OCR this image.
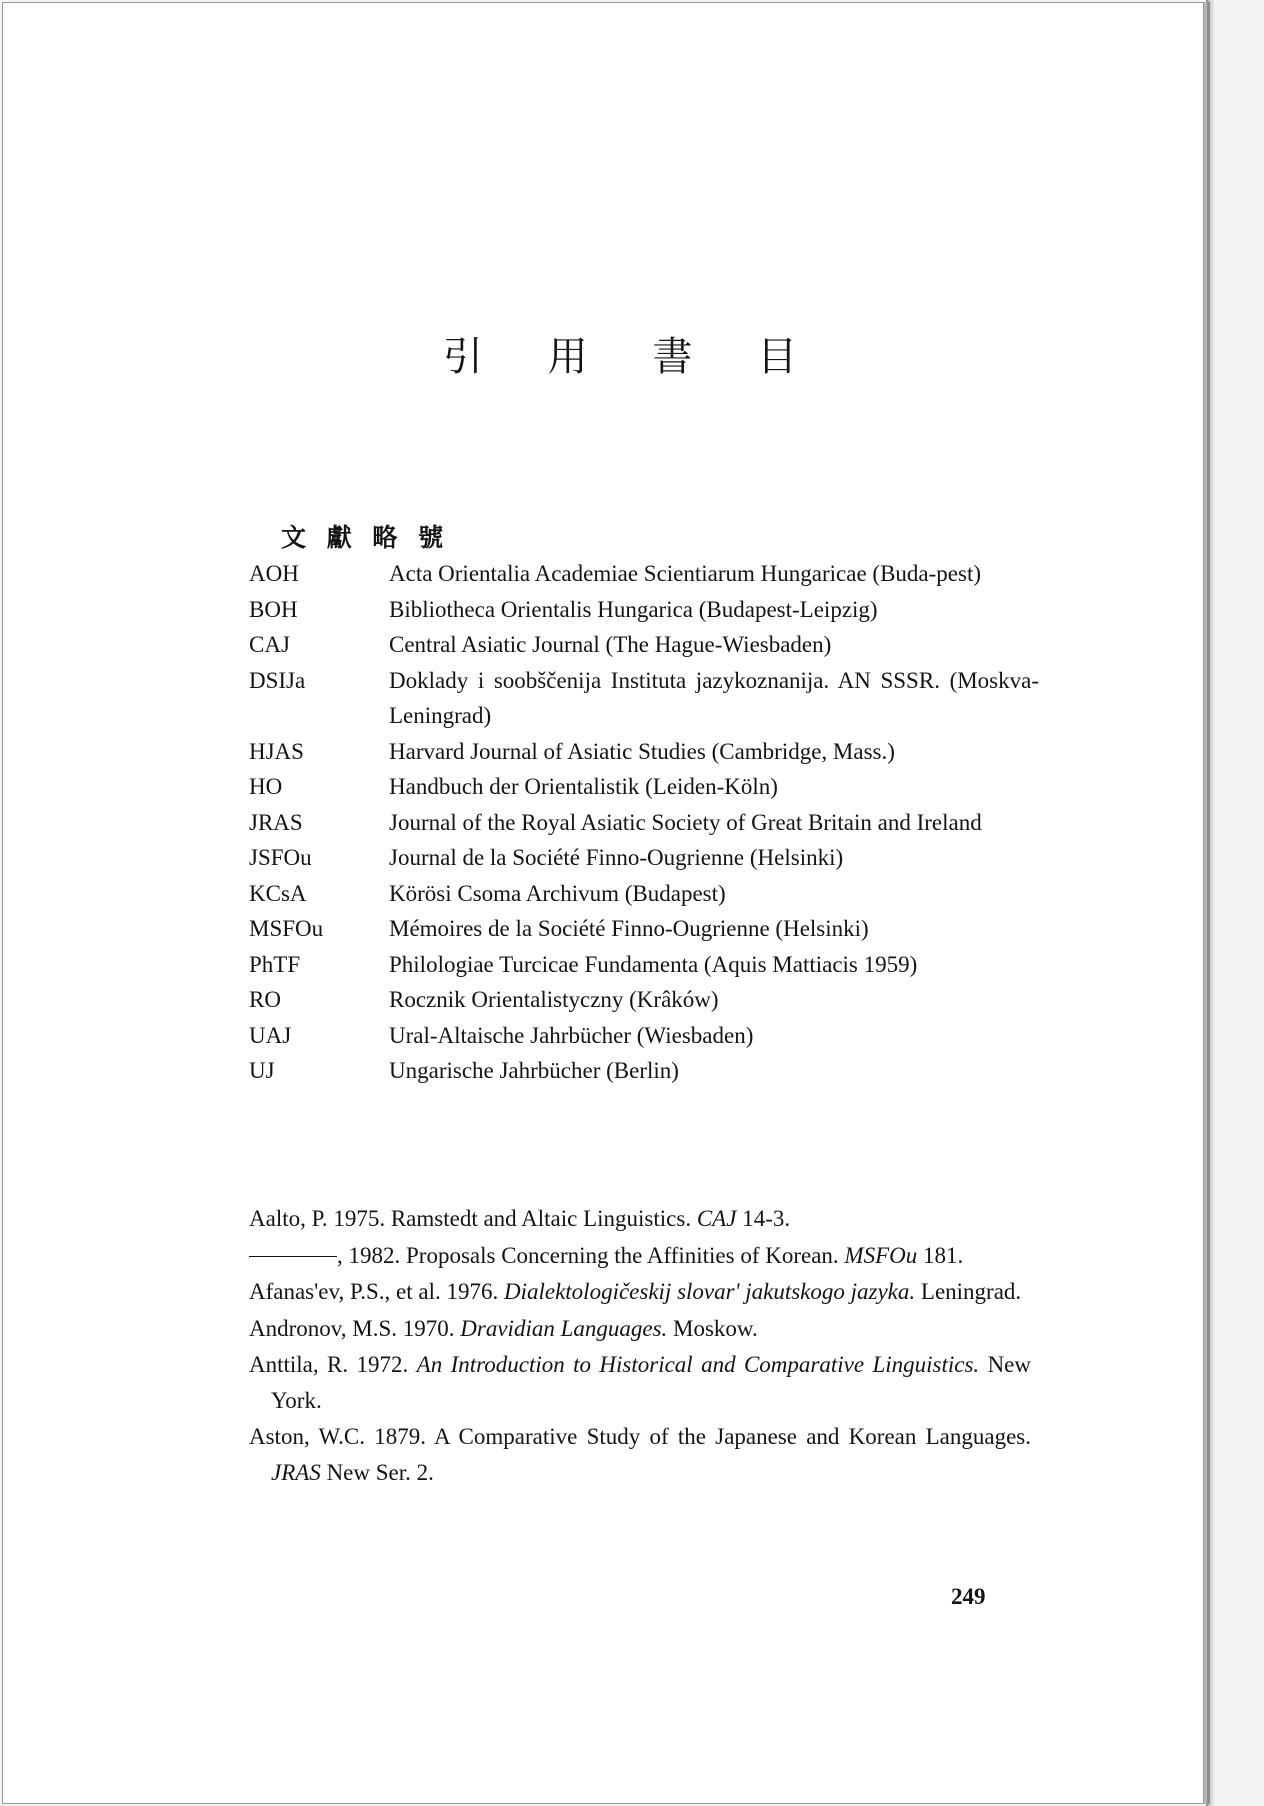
引 用 書 目
文 獻 略 號
AOH	Acta Orientalia Academiae Scientiarum Hungaricae (Buda-pest)
BOH	Bibliotheca Orientalis Hungarica (Budapest-Leipzig)
CAJ	Central Asiatic Journal (The Hague-Wiesbaden)
DSIJa	Doklady i soobščenija Instituta jazykoznanija. AN SSSR. (Moskva-Leningrad)
HJAS	Harvard Journal of Asiatic Studies (Cambridge, Mass.)
HO	Handbuch der Orientalistik (Leiden-Köln)
JRAS	Journal of the Royal Asiatic Society of Great Britain and Ireland
JSFOu	Journal de la Société Finno-Ougrienne (Helsinki)
KCsA	Körösi Csoma Archivum (Budapest)
MSFOu	Mémoires de la Société Finno-Ougrienne (Helsinki)
PhTF	Philologiae Turcicae Fundamenta (Aquis Mattiacis 1959)
RO	Rocznik Orientalistyczny (Krâków)
UAJ	Ural-Altaische Jahrbücher (Wiesbaden)
UJ	Ungarische Jahrbücher (Berlin)
Aalto, P. 1975. Ramstedt and Altaic Linguistics. CAJ 14-3.
, 1982. Proposals Concerning the Affinities of Korean. MSFOu 181.
Afanas'ev, P.S., et al. 1976. Dialektologičeskij slovar' jakutskogo jazyka. Leningrad.
Andronov, M.S. 1970. Dravidian Languages. Moskow.
Anttila, R. 1972. An Introduction to Historical and Comparative Linguistics. New York.
Aston, W.C. 1879. A Comparative Study of the Japanese and Korean Languages. JRAS New Ser. 2.
249
